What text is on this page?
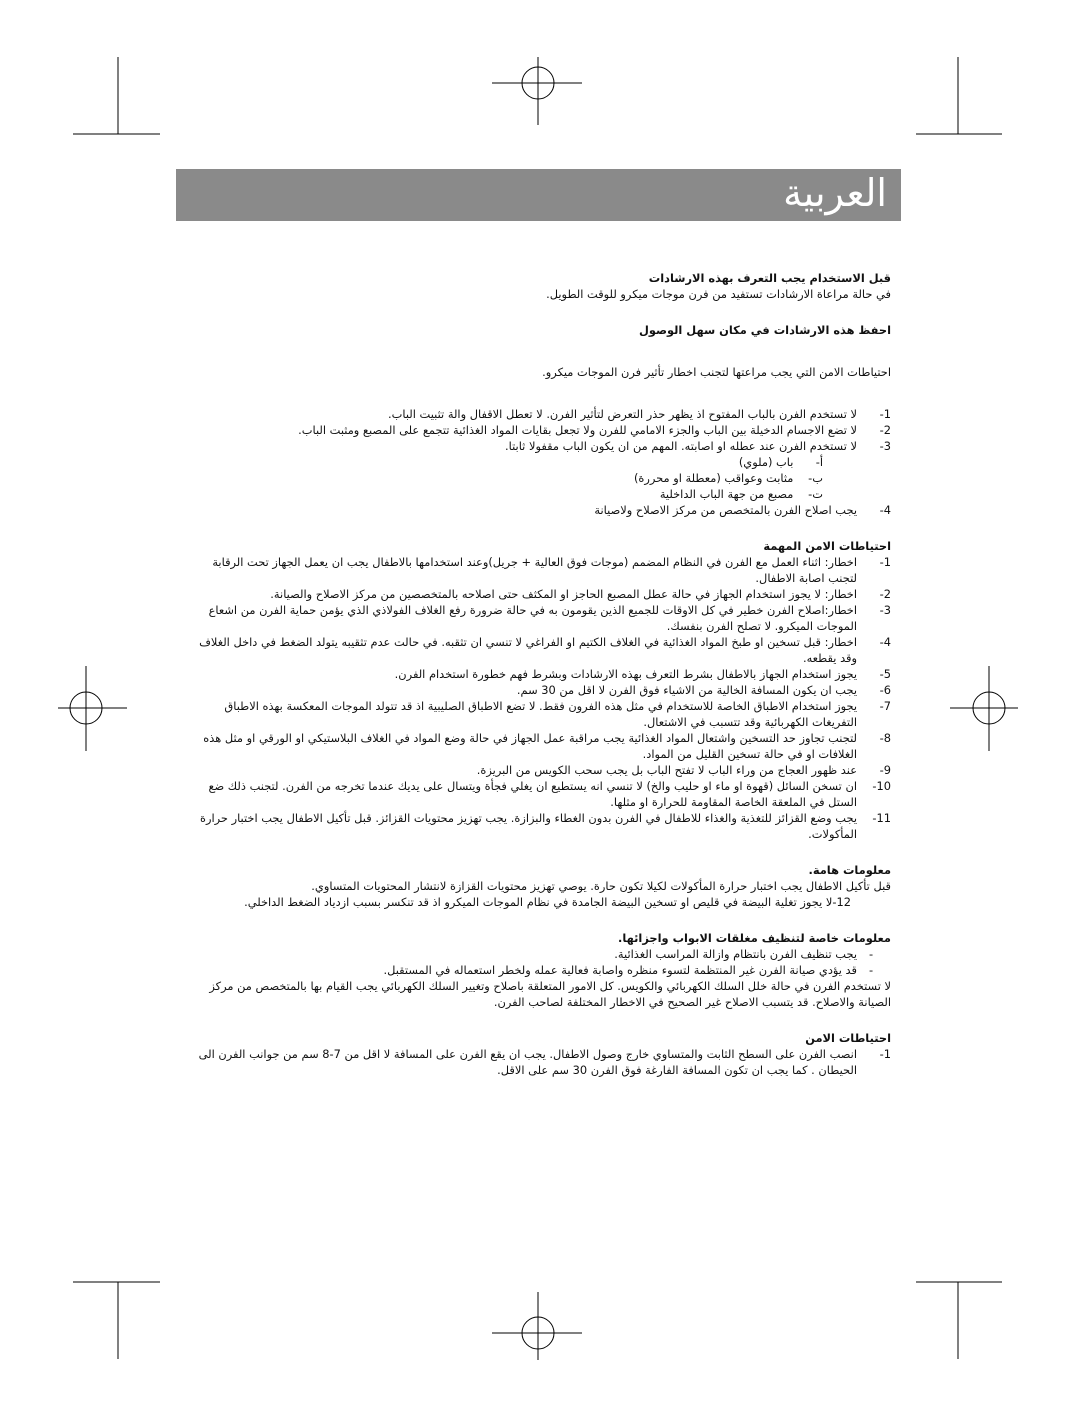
العربية

قبل الاستخدام يجب التعرف بهذه الارشادات

في حالة مراعاة الارشادات تستفيد من فرن موجات ميكرو للوقت الطويل.

احفظ هذه الارشادات في مكان سهل الوصول

احتياطات الامن التي يجب مراعتها لتجنب اخطار تأثير فرن الموجات ميكرو.

1-
لا تستخدم الفرن بالباب المفتوح اذ يظهر حذر التعرض لتأثير الفرن. لا تعطل الاقفال والة تثبيت الباب.
2-
لا تضع الاجسام الدخيلة بين الباب والجزء الامامي للفرن ولا تجعل بقايات المواد الغذائية تتجمع على المصبع ومثبت الباب.
3-
لا تستخدم الفرن عند عطله او اصابته. المهم من ان يكون الباب مقفولا ثابتا.
أ- باب (ملوي)
ب- مثابت وعواقب (معطلة او محررة)
ت- مصبع من جهة الباب الداخلية
4-
يجب اصلاح الفرن بالمتخصص من مركز الاصلاح ولاصيانة

احتياطات الامن المهمة

1-
اخطار: اثناء العمل مع الفرن في النظام المضمم (موجات فوق العالية + جريل)وعند استخدامها بالاطفال يجب ان يعمل الجهاز تحت الرقابة لتجنب اصابة الاطفال.
2-
اخطار: لا يجوز استخدام الجهاز في حالة عطل المصبع الحاجز او المكثف حتى اصلاحه بالمتخصصين من مركز الاصلاح والصيانة.
3-
اخطار:اصلاح الفرن خطير في كل الاوقات للجميع الذين يقومون به في حالة ضرورة رفع الغلاف الفولاذي الذي يؤمن حماية الفرن من اشعاع الموجات الميكرو. لا تصلح الفرن بنفسك.
4-
اخطار: قبل تسخين او طبخ المواد الغذائية في الغلاف الكتيم او الفراغي لا تنسي ان تثقبه. في حالت عدم تثقيبه يتولد الضغط في داخل الغلاف وقد يقطعه.
5-
يجوز استخدام الجهاز بالاطفال بشرط التعرف بهذه الارشادات وبشرط فهم خطورة استخدام الفرن.
6-
يجب ان يكون المسافة الخالية من الاشياء فوق الفرن لا اقل من 30 سم.
7-
يجوز استخدام الاطباق الخاصة للاستخدام في مثل هذه الفرون فقط. لا تضع الاطباق الصليبية اذ قد تتولد الموجات المعكسة بهذه الاطباق التفريغات الكهربائية وقد تتسبب في الاشتعال.
8-
لتجنب تجاوز حد التسخين واشتعال المواد الغذائية يجب مراقبة عمل الجهاز في حالة وضع المواد في الغلاف البلاستيكي او الورقي او مثل هذه الغلافات او في حالة تسخين القليل من المواد.
9-
عند ظهور العجاج من وراء الباب لا تفتح الباب بل يجب سحب الكويس من البريزة.
10-
ان تسخن السائل (قهوة او ماء او حليب والخ) لا تنسي انه يستطيع ان يغلي فجأة ويتسال على يديك عندما تخرجه من الفرن. لتجنب ذلك ضع الستل في الملعقة الخاصة المقاومة للحرارة او مثلها.
11-
يجب وضع القزائز للتغذية والغذاء للاطفال في الفرن بدون الغطاء والبزازة. يجب تهزيز محتويات القزائز. قبل تأكيل الاطفال يجب اختبار حرارة المأكولات.

معلومات هامة.

قبل تأكيل الاطفال يجب اختبار حرارة المأكولات لكيلا تكون حارة. يوصي تهزيز محتويات القزازة لانتشار المحتويات المتساوي.

12-لا يجوز تغلية البيضة في قليص او تسخين البيضة الجامدة في نظام الموجات الميكرو اذ قد تنكسر بسبب ازدياد الضغط الداخلي.

معلومات خاصة لتنظيف مغلقات الابواب واجزائها.

-
يجب تنظيف الفرن بانتظام وازالة المراسب الغذائية.
-
قد يؤدي صيانة الفرن غير المنتظمة لتسوء منظره واصابة فعالية عمله ولخطر استعماله في المستقبل.

لا تستخدم الفرن في حالة خلل السلك الكهربائي والكويس. كل الامور المتعلقة باصلاح وتغيير السلك الكهربائي يجب القيام بها بالمتخصص من مركز الصيانة والاصلاح. قد يتسبب الاصلاح غير الصحيح في الاخطار المختلفة لصاحب الفرن.

احتياطات الامن

1-
انصب الفرن على السطح الثابت والمتساوي خارج وصول الاطفال. يجب ان يقع الفرن على المسافة لا اقل من 7-8 سم من جوانب الفرن الى الحيطان . كما يجب ان تكون المسافة الفارغة فوق الفرن 30 سم على الاقل.
